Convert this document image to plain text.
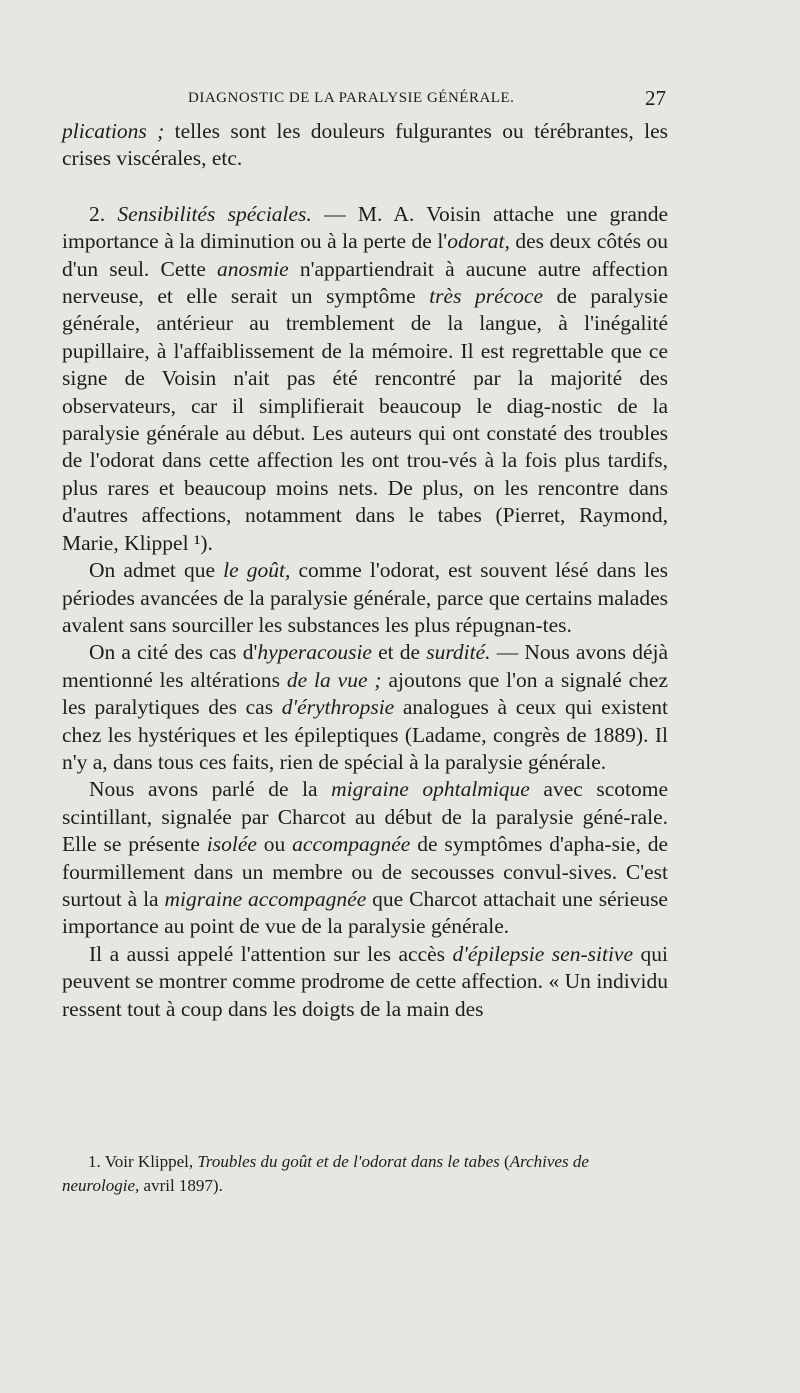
DIAGNOSTIC DE LA PARALYSIE GÉNÉRALE.	27

plications ; telles sont les douleurs fulgurantes ou térébrantes, les crises viscérales, etc.

2. Sensibilités spéciales. — M. A. Voisin attache une grande importance à la diminution ou à la perte de l'odorat, des deux côtés ou d'un seul. Cette anosmie n'appartiendrait à aucune autre affection nerveuse, et elle serait un symptôme très précoce de paralysie générale, antérieur au tremblement de la langue, à l'inégalité pupillaire, à l'affaiblissement de la mémoire. Il est regrettable que ce signe de Voisin n'ait pas été rencontré par la majorité des observateurs, car il simplifierait beaucoup le diag-nostic de la paralysie générale au début. Les auteurs qui ont constaté des troubles de l'odorat dans cette affection les ont trou-vés à la fois plus tardifs, plus rares et beaucoup moins nets. De plus, on les rencontre dans d'autres affections, notamment dans le tabes (Pierret, Raymond, Marie, Klippel ¹).

On admet que le goût, comme l'odorat, est souvent lésé dans les périodes avancées de la paralysie générale, parce que certains malades avalent sans sourciller les substances les plus répugnan-tes.

On a cité des cas d'hyperacousie et de surdité. — Nous avons déjà mentionné les altérations de la vue ; ajoutons que l'on a signalé chez les paralytiques des cas d'érythropsie analogues à ceux qui existent chez les hystériques et les épileptiques (Ladame, congrès de 1889). Il n'y a, dans tous ces faits, rien de spécial à la paralysie générale.

Nous avons parlé de la migraine ophtalmique avec scotome scintillant, signalée par Charcot au début de la paralysie géné-rale. Elle se présente isolée ou accompagnée de symptômes d'apha-sie, de fourmillement dans un membre ou de secousses convul-sives. C'est surtout à la migraine accompagnée que Charcot attachait une sérieuse importance au point de vue de la paralysie générale.

Il a aussi appelé l'attention sur les accès d'épilepsie sen-sitive qui peuvent se montrer comme prodrome de cette affection. « Un individu ressent tout à coup dans les doigts de la main des

1. Voir Klippel, Troubles du goût et de l'odorat dans le tabes (Archives de neurologie, avril 1897).
